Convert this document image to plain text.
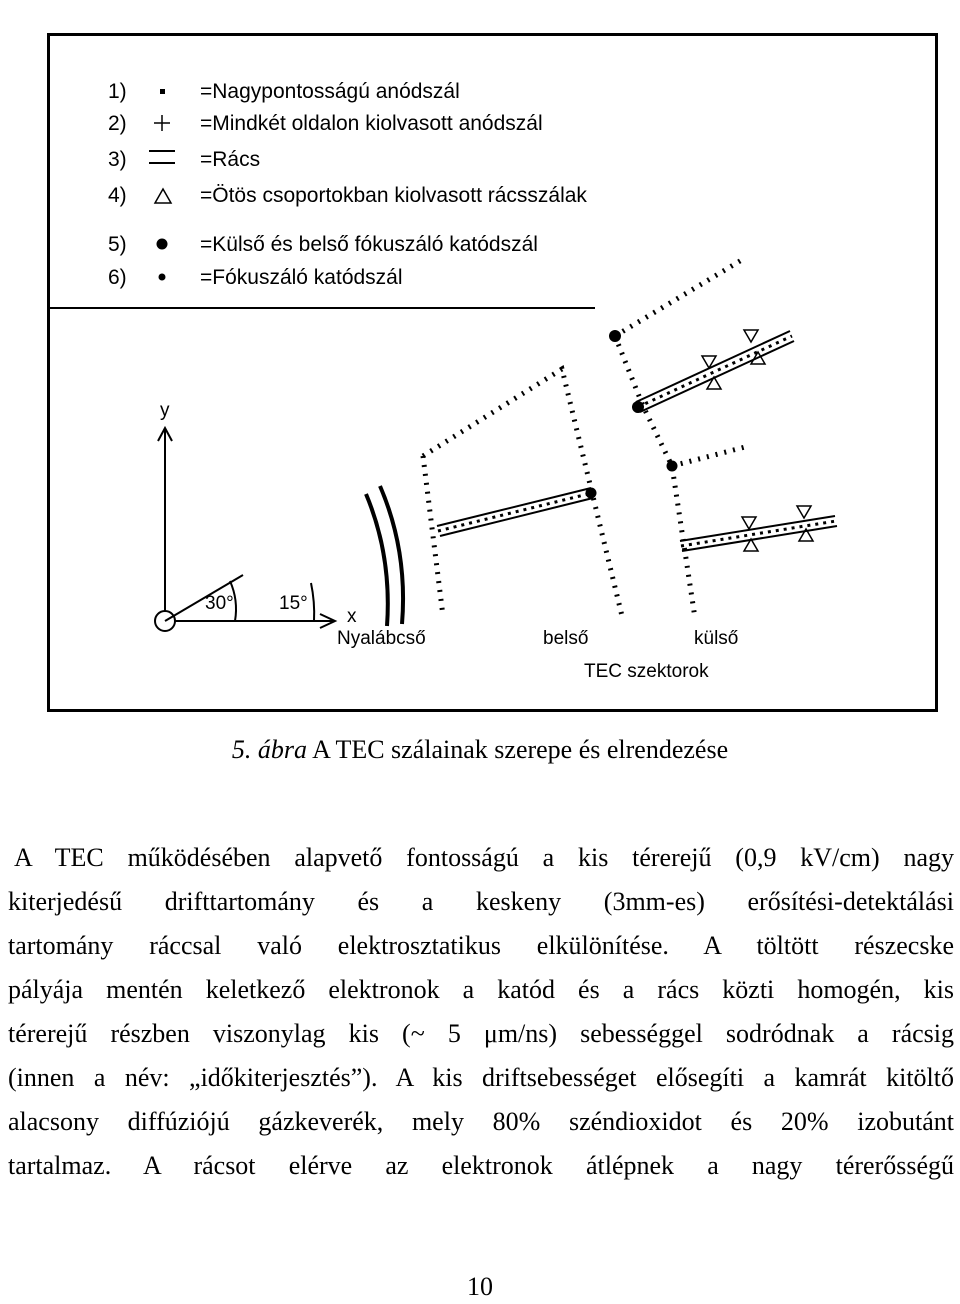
1)	=Nagypontosságú anódszál
2)	=Mindkét oldalon kiolvasott anódszál
3)	=Rács
4)	=Ötös csoportokban kiolvasott rácsszálak
5)	=Külső és belső fókuszáló katódszál
6)	=Fókuszáló katódszál
y
x
30° 15°
Nyalábcső	belső	külső
TEC szektorok
5. ábra A TEC szálainak szerepe és elrendezése
A TEC működésében alapvető fontosságú a kis térerejű (0,9 kV/cm) nagy
kiterjedésű drifttartomány és a keskeny (3mm-es) erősítési-detektálási
tartomány ráccsal való elektrosztatikus elkülönítése. A töltött részecske
pályája mentén keletkező elektronok a katód és a rács közti homogén, kis
térerejű részben viszonylag kis (~ 5 μm/ns) sebességgel sodródnak a rácsig
(innen a név: „időkiterjesztés”). A kis driftsebességet elősegíti a kamrát kitöltő
alacsony diffúziójú gázkeverék, mely 80% széndioxidot és 20% izobutánt
tartalmaz. A rácsot elérve az elektronok átlépnek a nagy térerősségű
10
